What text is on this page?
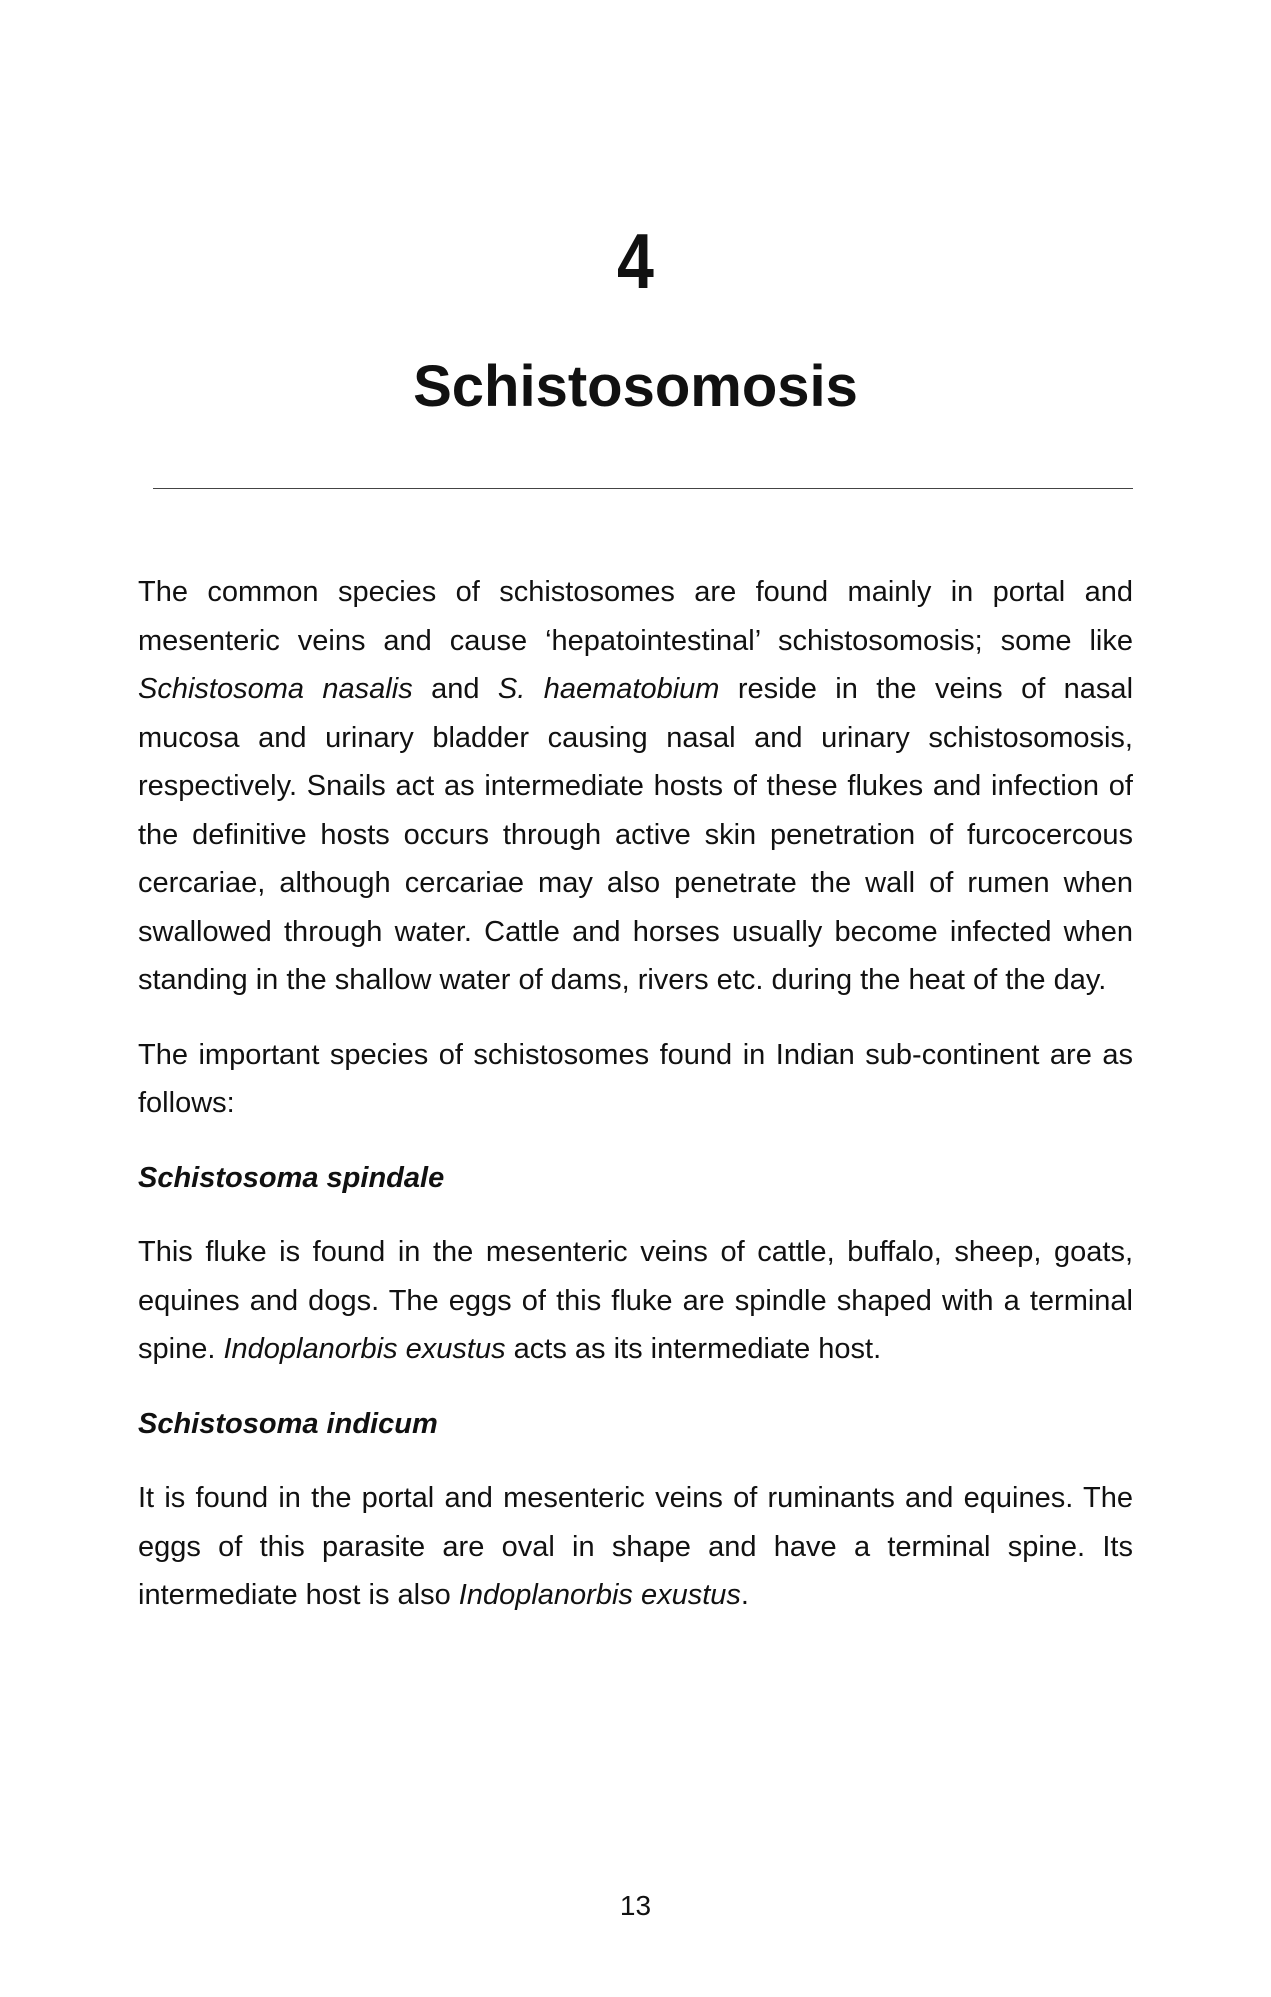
4
Schistosomosis

The common species of schistosomes are found mainly in portal and mesenteric veins and cause ‘hepatointestinal’ schistosomosis; some like Schistosoma nasalis and S. haematobium reside in the veins of nasal mucosa and urinary bladder causing nasal and urinary schistosomosis, respectively. Snails act as intermediate hosts of these flukes and infection of the definitive hosts occurs through active skin penetration of furcocercous cercariae, although cercariae may also penetrate the wall of rumen when swallowed through water. Cattle and horses usually become infected when standing in the shallow water of dams, rivers etc. during the heat of the day.

The important species of schistosomes found in Indian sub-continent are as follows:

Schistosoma spindale

This fluke is found in the mesenteric veins of cattle, buffalo, sheep, goats, equines and dogs. The eggs of this fluke are spindle shaped with a terminal spine. Indoplanorbis exustus acts as its intermediate host.

Schistosoma indicum

It is found in the portal and mesenteric veins of ruminants and equines. The eggs of this parasite are oval in shape and have a terminal spine. Its intermediate host is also Indoplanorbis exustus.

13
